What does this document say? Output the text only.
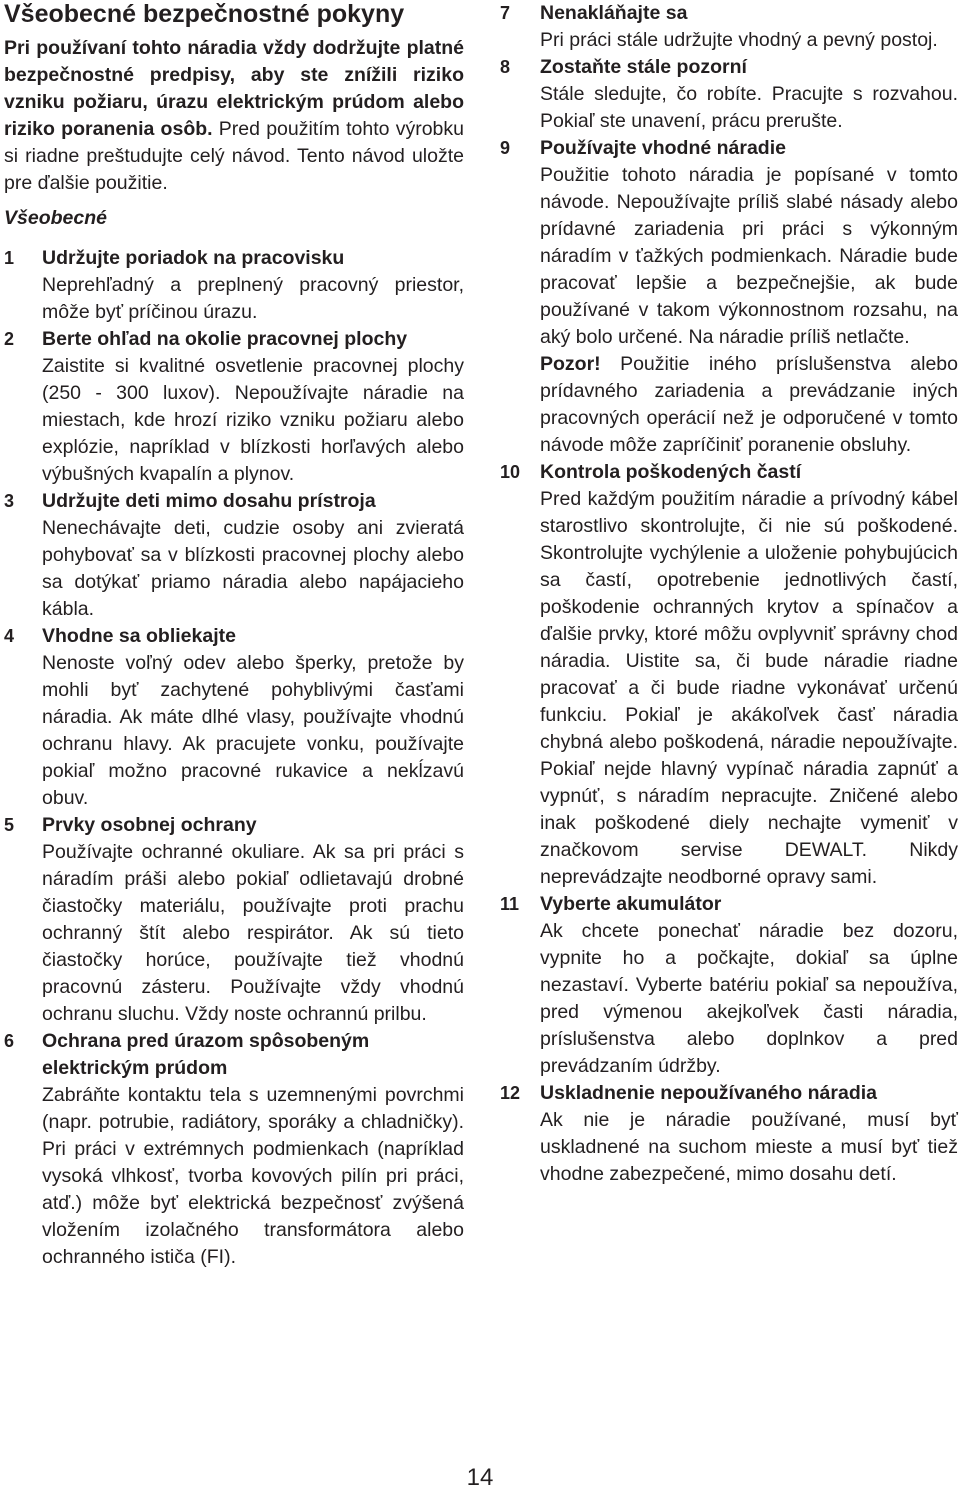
Všeobecné bezpečnostné pokyny

Pri používaní tohto náradia vždy dodržujte platné bezpečnostné predpisy, aby ste znížili riziko vzniku požiaru, úrazu elektrickým prúdom alebo riziko poranenia osôb. Pred použitím tohto výrobku si riadne preštudujte celý návod. Tento návod uložte pre ďalšie použitie.

Všeobecné
1 Udržujte poriadok na pracovisku
Neprehľadný a preplnený pracovný priestor, môže byť príčinou úrazu.
2 Berte ohľad na okolie pracovnej plochy
Zaistite si kvalitné osvetlenie pracovnej plochy (250 - 300 luxov). Nepoužívajte náradie na miestach, kde hrozí riziko vzniku požiaru alebo explózie, napríklad v blízkosti horľavých alebo výbušných kvapalín a plynov.
3 Udržujte deti mimo dosahu prístroja
Nenechávajte deti, cudzie osoby ani zvieratá pohybovať sa v blízkosti pracovnej plochy alebo sa dotýkať priamo náradia alebo napájacieho kábla.
4 Vhodne sa obliekajte
Nenoste voľný odev alebo šperky, pretože by mohli byť zachytené pohyblivými časťami náradia. Ak máte dlhé vlasy, používajte vhodnú ochranu hlavy. Ak pracujete vonku, používajte pokiaľ možno pracovné rukavice a nekĺzavú obuv.
5 Prvky osobnej ochrany
Používajte ochranné okuliare. Ak sa pri práci s náradím práši alebo pokiaľ odlietavajú drobné čiastočky materiálu, používajte proti prachu ochranný štít alebo respirátor. Ak sú tieto čiastočky horúce, používajte tiež vhodnú pracovnú zásteru. Používajte vždy vhodnú ochranu sluchu. Vždy noste ochrannú prilbu.
6 Ochrana pred úrazom spôsobeným elektrickým prúdom
Zabráňte kontaktu tela s uzemnenými povrchmi (napr. potrubie, radiátory, sporáky a chladničky). Pri práci v extrémnych podmienkach (napríklad vysoká vlhkosť, tvorba kovových pilín pri práci, atď.) môže byť elektrická bezpečnosť zvýšená vložením izolačného transformátora alebo ochranného ističa (FI).
7 Nenakláňajte sa
Pri práci stále udržujte vhodný a pevný postoj.
8 Zostaňte stále pozorní
Stále sledujte, čo robíte. Pracujte s rozvahou. Pokiaľ ste unavení, prácu prerušte.
9 Používajte vhodné náradie
Použitie tohoto náradia je popísané v tomto návode. Nepoužívajte príliš slabé násady alebo prídavné zariadenia pri práci s výkonným náradím v ťažkých podmienkach. Náradie bude pracovať lepšie a bezpečnejšie, ak bude používané v takom výkonnostnom rozsahu, na aký bolo určené. Na náradie príliš netlačte.
Pozor! Použitie iného príslušenstva alebo prídavného zariadenia a prevádzanie iných pracovných operácií než je odporučené v tomto návode môže zapríčiniť poranenie obsluhy.
10 Kontrola poškodených častí
Pred každým použitím náradie a prívodný kábel starostlivo skontrolujte, či nie sú poškodené. Skontrolujte vychýlenie a uloženie pohybujúcich sa častí, opotrebenie jednotlivých častí, poškodenie ochranných krytov a spínačov a ďalšie prvky, ktoré môžu ovplyvniť správny chod náradia. Uistite sa, či bude náradie riadne pracovať a či bude riadne vykonávať určenú funkciu. Pokiaľ je akákoľvek časť náradia chybná alebo poškodená, náradie nepoužívajte. Pokiaľ nejde hlavný vypínač náradia zapnúť a vypnúť, s náradím nepracujte. Zničené alebo inak poškodené diely nechajte vymeniť v značkovom servise DEWALT. Nikdy neprevádzajte neodborné opravy sami.
11 Vyberte akumulátor
Ak chcete ponechať náradie bez dozoru, vypnite ho a počkajte, dokiaľ sa úplne nezastaví. Vyberte batériu pokiaľ sa nepoužíva, pred výmenou akejkoľvek časti náradia, príslušenstva alebo doplnkov a pred prevádzaním údržby.
12 Uskladnenie nepoužívaného náradia
Ak nie je náradie používané, musí byť uskladnené na suchom mieste a musí byť tiež vhodne zabezpečené, mimo dosahu detí.
14
